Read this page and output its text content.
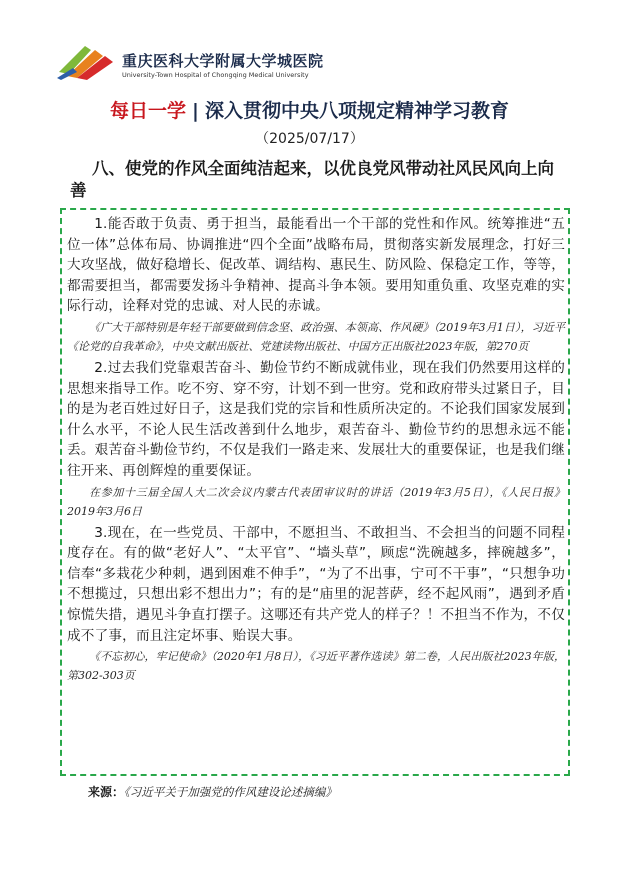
重庆医科大学附属大学城医院
University-Town Hospital of Chongqing Medical University
每日一学 | 深入贯彻中央八项规定精神学习教育
（2025/07/17）
八、使党的作风全面纯洁起来，以优良党风带动社风民风向上向善

1.能否敢于负责、勇于担当，最能看出一个干部的党性和作风。统筹推进“五位一体”总体布局、协调推进“四个全面”战略布局，贯彻落实新发展理念，打好三大攻坚战，做好稳增长、促改革、调结构、惠民生、防风险、保稳定工作，等等，都需要担当，都需要发扬斗争精神、提高斗争本领。要用知重负重、攻坚克难的实际行动，诠释对党的忠诚、对人民的赤诚。

《广大干部特别是年轻干部要做到信念坚、政治强、本领高、作风硬》（2019年3月1日），习近平《论党的自我革命》，中央文献出版社、党建读物出版社、中国方正出版社2023年版，第270页

2.过去我们党靠艰苦奋斗、勤俭节约不断成就伟业，现在我们仍然要用这样的思想来指导工作。吃不穷、穿不穷，计划不到一世穷。党和政府带头过紧日子，目的是为老百姓过好日子，这是我们党的宗旨和性质所决定的。不论我们国家发展到什么水平，不论人民生活改善到什么地步，艰苦奋斗、勤俭节约的思想永远不能丢。艰苦奋斗勤俭节约，不仅是我们一路走来、发展壮大的重要保证，也是我们继往开来、再创辉煌的重要保证。

在参加十三届全国人大二次会议内蒙古代表团审议时的讲话（2019年3月5日），《人民日报》2019年3月6日

3.现在，在一些党员、干部中，不愿担当、不敢担当、不会担当的问题不同程度存在。有的做“老好人”、“太平官”、“墙头草”，顾虑“洗碗越多，摔碗越多”，信奉“多栽花少种刺，遇到困难不伸手”，“为了不出事，宁可不干事”，“只想争功不想揽过，只想出彩不想出力”；有的是“庙里的泥菩萨，经不起风雨”，遇到矛盾惊慌失措，遇见斗争直打摆子。这哪还有共产党人的样子？！不担当不作为，不仅成不了事，而且注定坏事、贻误大事。

《不忘初心，牢记使命》（2020年1月8日），《习近平著作选读》第二卷，人民出版社2023年版，第302-303页

来源：《习近平关于加强党的作风建设论述摘编》
